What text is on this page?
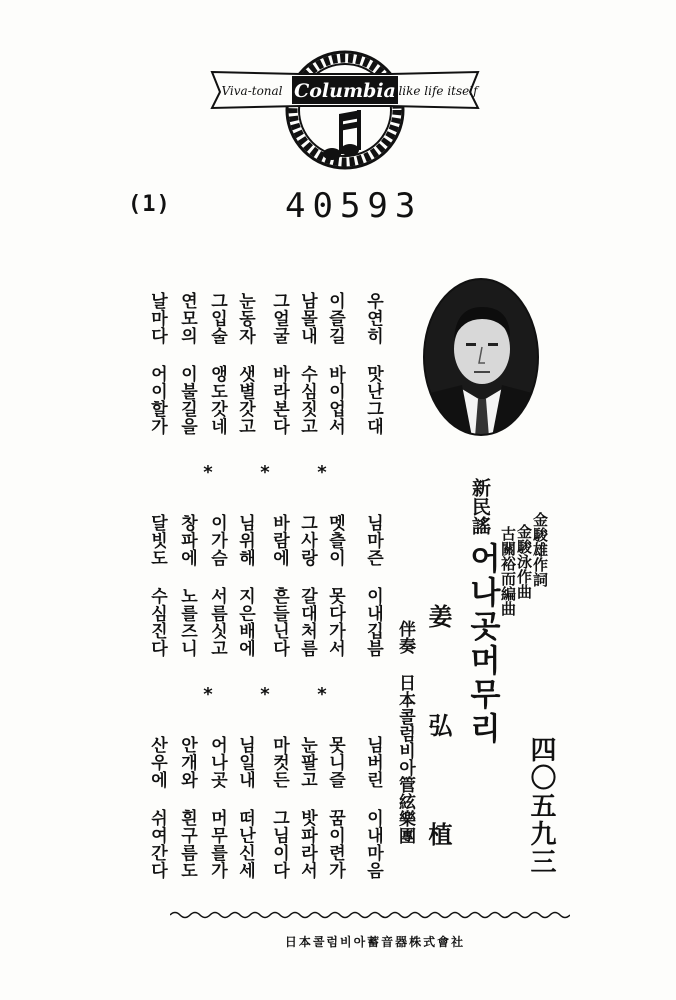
Columbia
Viva-tonal	like life itself
(1)	40593
우연히 맛난그대
이즐길 바이업서
남몰내 수심짓고
그얼굴 바라본다
눈동자 샛별갓고
그입술 앵도갓네
연모의 이불길을
날마다 어이할가
*
*
*
님마즌 이내깁븜
멧츨이 못다가서
그사랑 갈대처름
바람에 흔들닌다
님위해 지은배에
이가슴 서름싯고
창파에 노를즈니
달빗도 수심진다
*
*
*
님버린 이내마음
못니즐 꿈이련가
눈팔고 밧파라서
마컷든 그님이다
님일내 떠난신세
어나곳 머무를가
안개와 흰구름도
산우에 쉬여간다
新民謠
어나곳머무리 金駿雄作詞
金駿泳作曲
古關裕而編曲
姜 弘 植
伴奏 日本콜럼비아管絃樂團	四〇五九三
日本콜럼비아蓄音器株式會社
